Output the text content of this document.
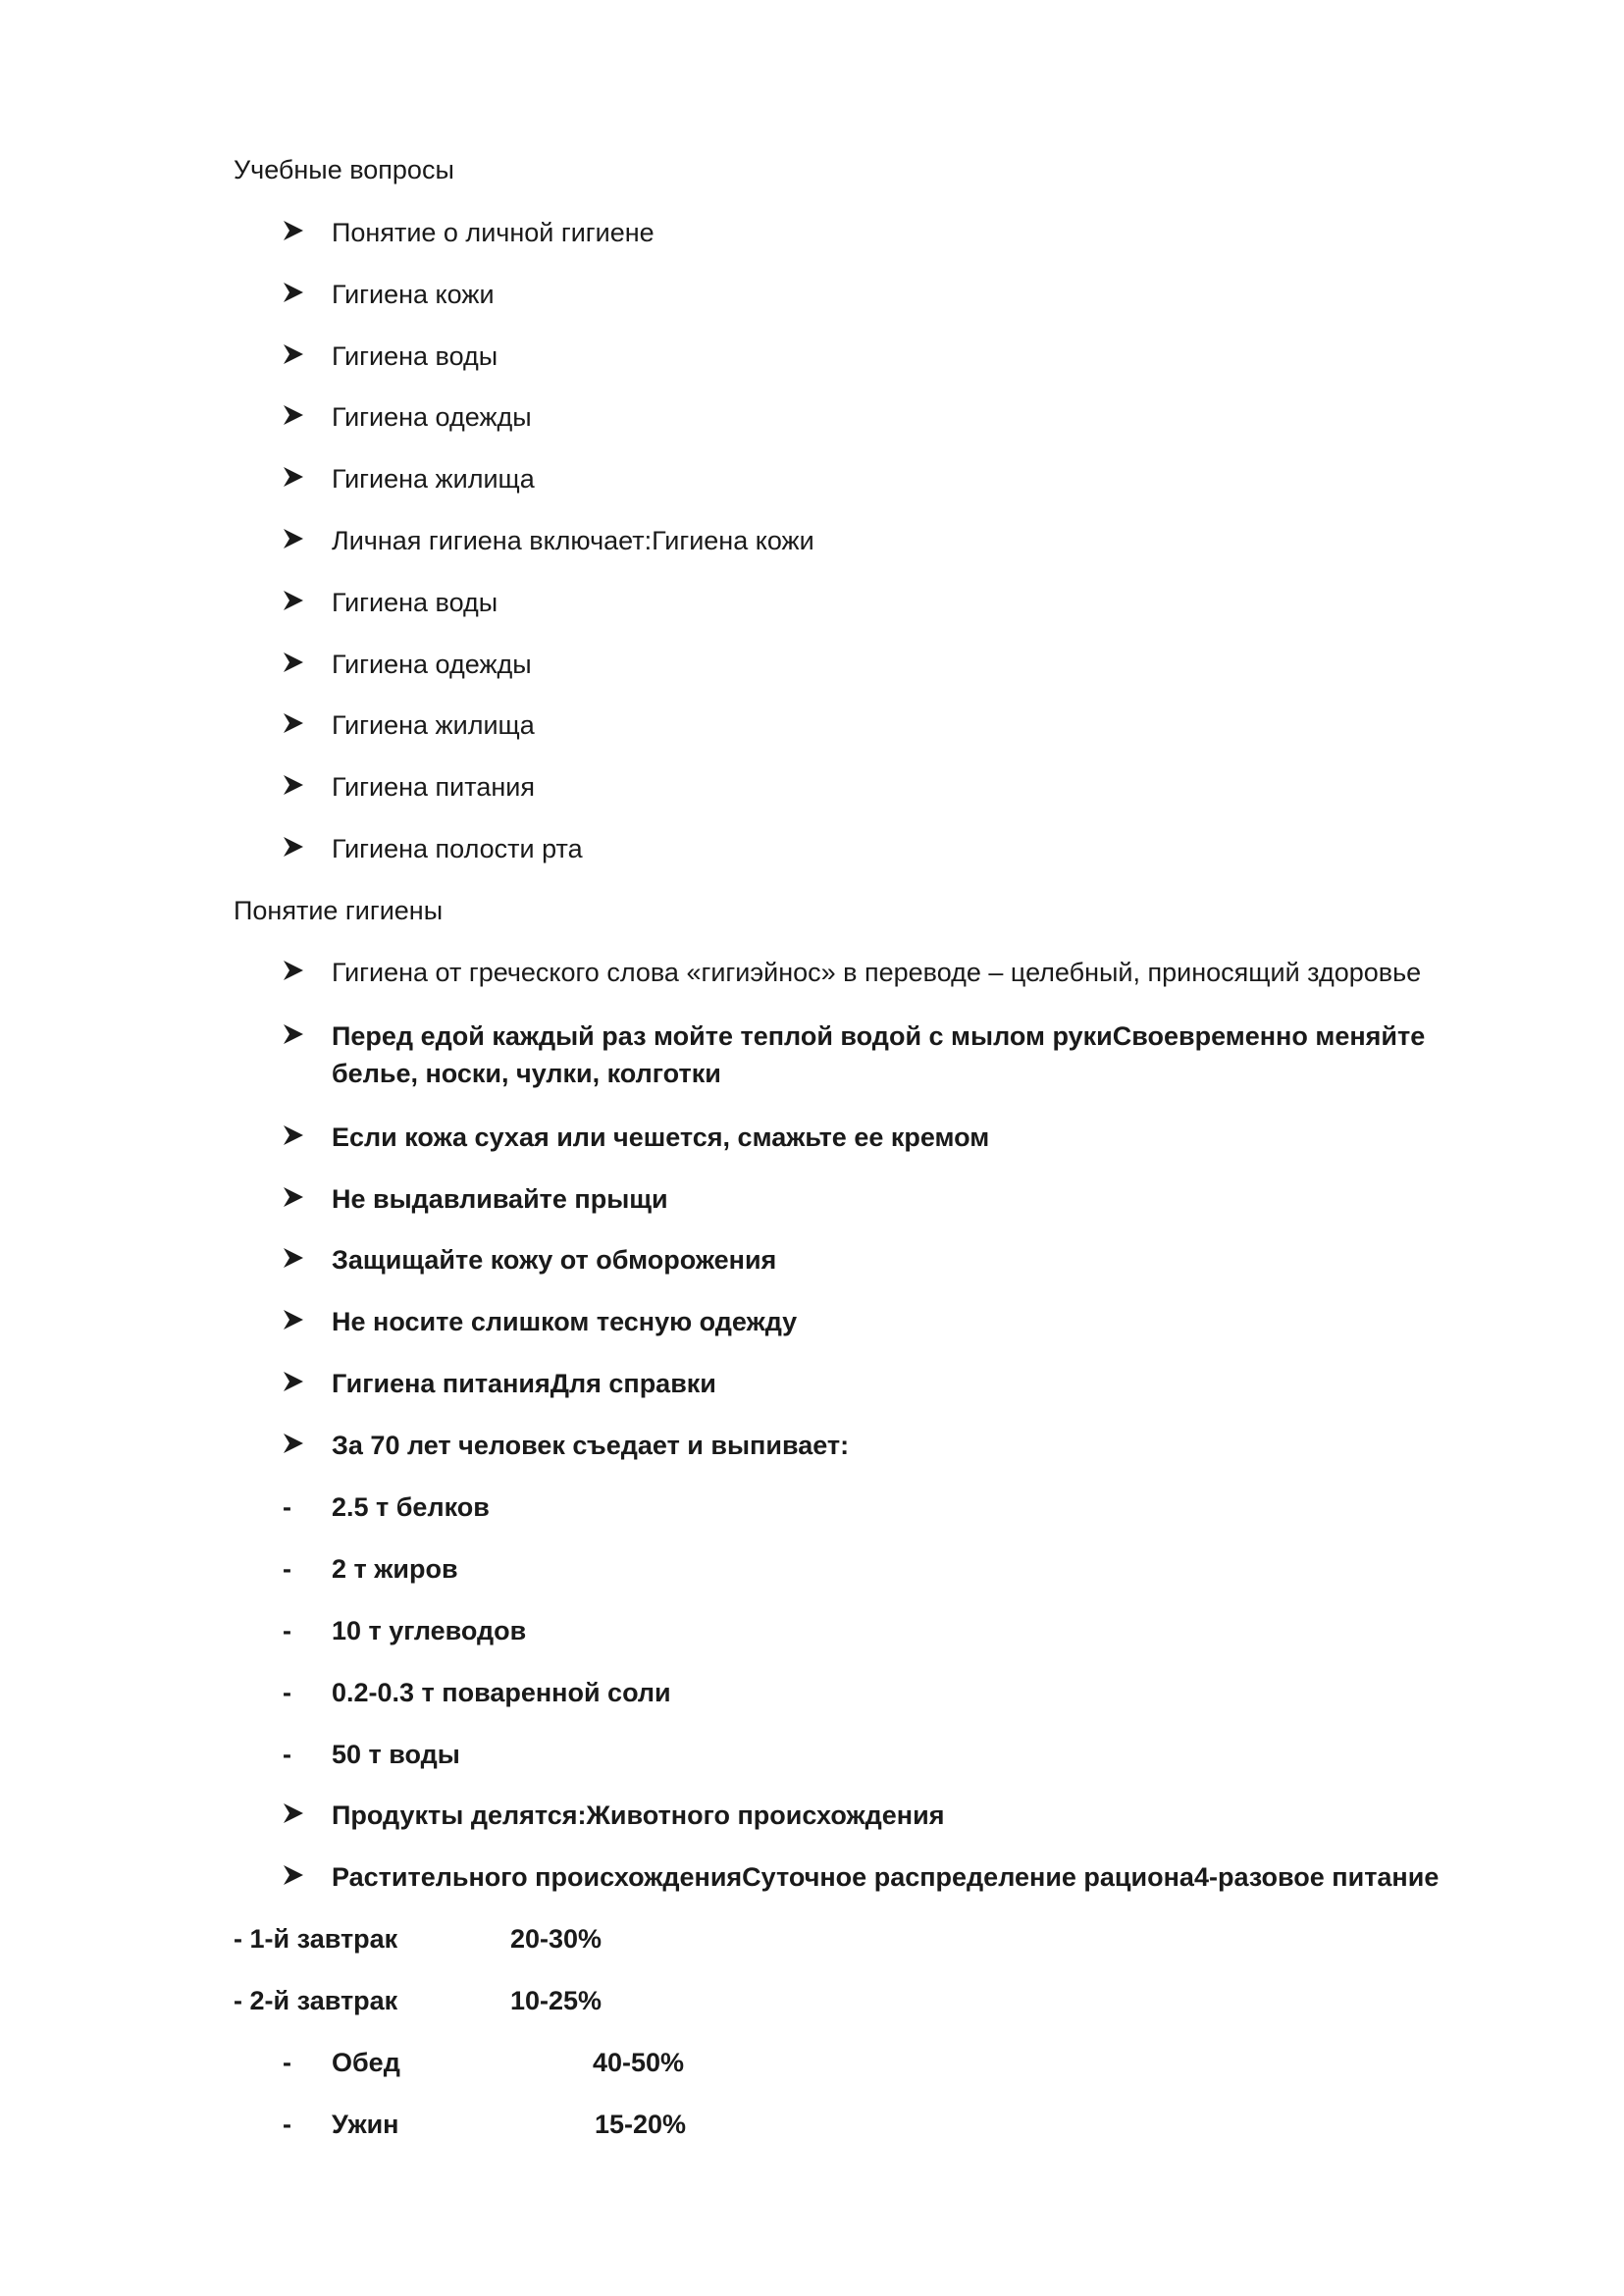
Учебные вопросы
Понятие о личной гигиене
Гигиена кожи
Гигиена воды
Гигиена одежды
Гигиена жилища
Личная гигиена включает:Гигиена кожи
Гигиена воды
Гигиена одежды
Гигиена жилища
Гигиена питания
Гигиена полости рта
Понятие гигиены
Гигиена от греческого слова «гигиэйнос» в переводе – целебный, приносящий здоровье
Перед едой каждый раз мойте теплой водой с мылом рукиСвоевременно меняйте белье, носки, чулки, колготки
Если кожа сухая или чешется, смажьте ее кремом
Не выдавливайте прыщи
Защищайте кожу от обморожения
Не носите слишком тесную одежду
Гигиена питанияДля справки
За 70 лет человек съедает и выпивает:
-	2.5 т белков
-	2 т жиров
-	10 т углеводов
-	0.2-0.3 т поваренной соли
-	50 т воды
Продукты делятся:Животного происхождения
Растительного происхожденияСуточное распределение рациона4-разовое питание
- 1-й завтрак	20-30%
- 2-й завтрак	10-25%
-	Обед	40-50%
-	Ужин	15-20%
